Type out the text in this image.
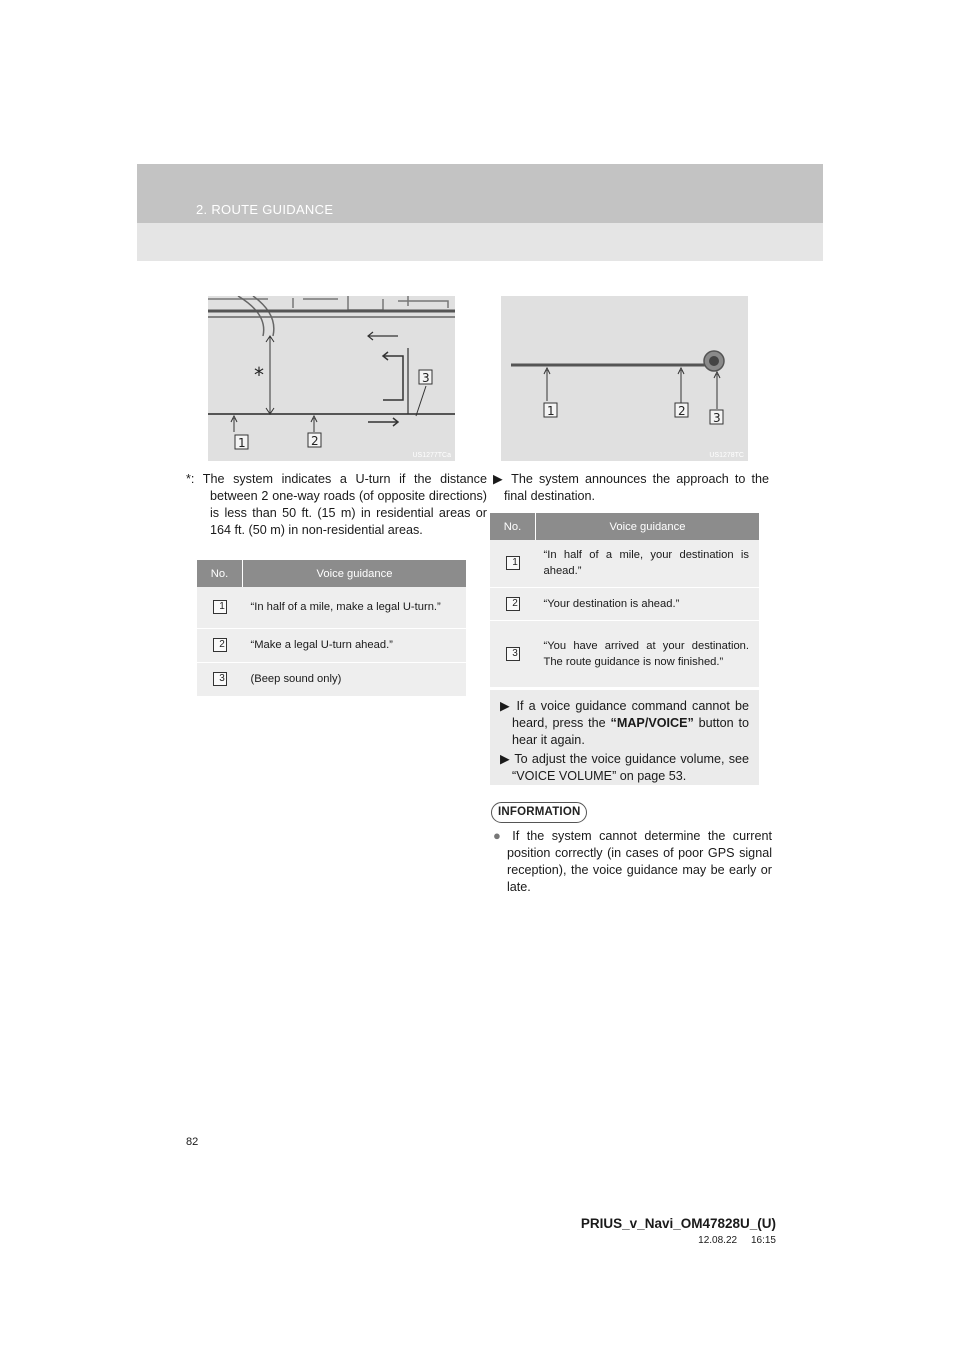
2. ROUTE GUIDANCE
*
1	2
3
US1277TCa
1	2 3
US1278TC
*: The system indicates a U-turn if the distance between 2 one-way roads (of opposite directions) is less than 50 ft. (15 m) in residential areas or 164 ft. (50 m) in non-residential areas.
No.	Voice guidance
1	“In half of a mile, make a legal U-turn.”
2	“Make a legal U-turn ahead.”
3	(Beep sound only)
▶ The system announces the approach to the final destination.
No.	Voice guidance
1	“In half of a mile, your destination is ahead.”
2	“Your destination is ahead.”
3	“You have arrived at your destination. The route guidance is now finished.”
▶ If a voice guidance command cannot be heard, press the “MAP/VOICE” button to hear it again.
▶ To adjust the voice guidance volume, see “VOICE VOLUME” on page 53.
INFORMATION
● If the system cannot determine the current position correctly (in cases of poor GPS signal reception), the voice guidance may be early or late.
82
PRIUS_v_Navi_OM47828U_(U)
12.08.22     16:15
